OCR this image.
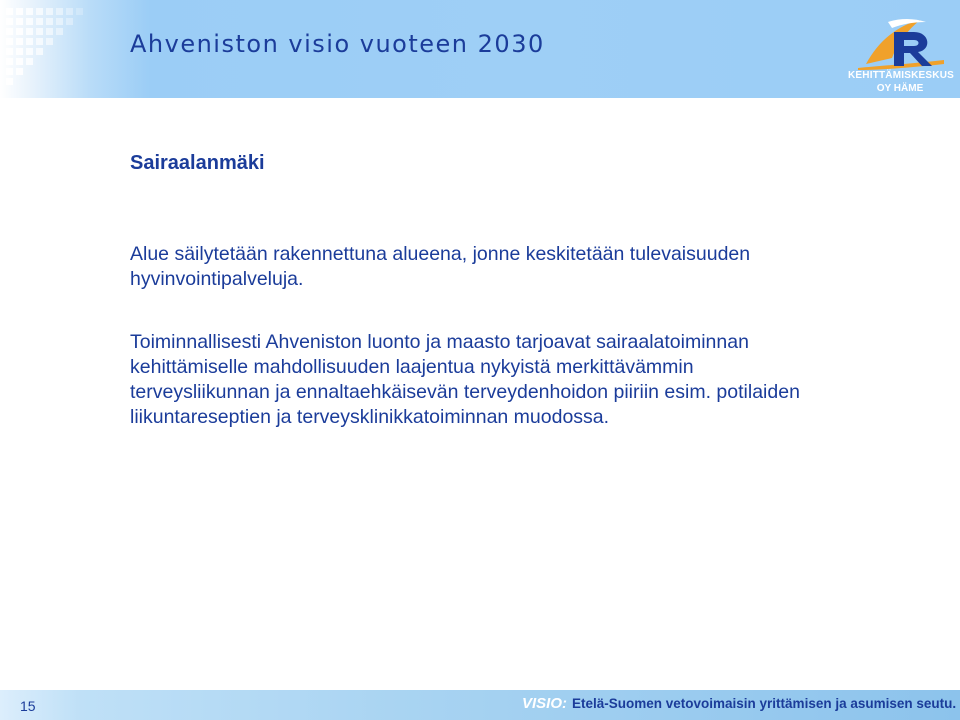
Ahveniston visio vuoteen 2030
KEHITTÄMISKESKUS
OY HÄME
Sairaalanmäki
Alue säilytetään rakennettuna alueena, jonne keskitetään tulevaisuuden hyvinvointipalveluja.
Toiminnallisesti Ahveniston luonto ja maasto tarjoavat sairaalatoiminnan kehittämiselle mahdollisuuden laajentua nykyistä merkittävämmin terveysliikunnan ja ennaltaehkäisevän terveydenhoidon piiriin esim. potilaiden liikuntareseptien ja terveysklinikkatoiminnan muodossa.
15	VISIO: Etelä-Suomen vetovoimaisin yrittämisen ja asumisen seutu.
